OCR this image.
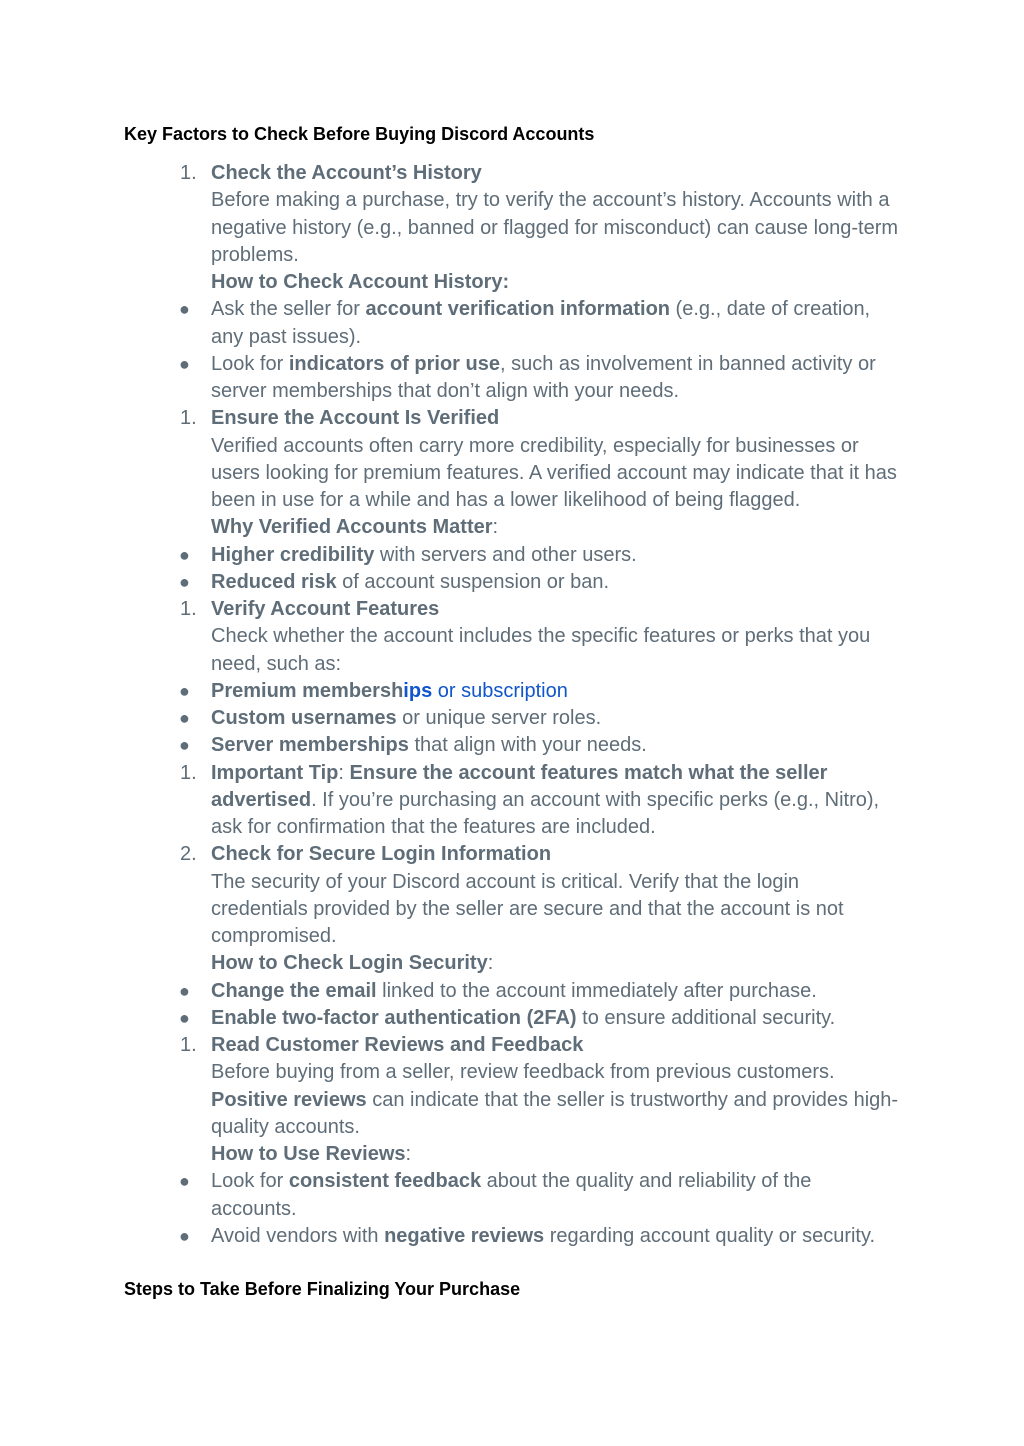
Key Factors to Check Before Buying Discord Accounts
1. Check the Account’s History
Before making a purchase, try to verify the account’s history. Accounts with a negative history (e.g., banned or flagged for misconduct) can cause long-term problems.
How to Check Account History:
● Ask the seller for account verification information (e.g., date of creation, any past issues).
● Look for indicators of prior use, such as involvement in banned activity or server memberships that don’t align with your needs.
1. Ensure the Account Is Verified
Verified accounts often carry more credibility, especially for businesses or users looking for premium features. A verified account may indicate that it has been in use for a while and has a lower likelihood of being flagged.
Why Verified Accounts Matter:
● Higher credibility with servers and other users.
● Reduced risk of account suspension or ban.
1. Verify Account Features
Check whether the account includes the specific features or perks that you need, such as:
● Premium memberships or subscription
● Custom usernames or unique server roles.
● Server memberships that align with your needs.
1. Important Tip: Ensure the account features match what the seller advertised. If you’re purchasing an account with specific perks (e.g., Nitro), ask for confirmation that the features are included.
2. Check for Secure Login Information
The security of your Discord account is critical. Verify that the login credentials provided by the seller are secure and that the account is not compromised.
How to Check Login Security:
● Change the email linked to the account immediately after purchase.
● Enable two-factor authentication (2FA) to ensure additional security.
1. Read Customer Reviews and Feedback
Before buying from a seller, review feedback from previous customers.
Positive reviews can indicate that the seller is trustworthy and provides high-quality accounts.
How to Use Reviews:
● Look for consistent feedback about the quality and reliability of the accounts.
● Avoid vendors with negative reviews regarding account quality or security.
Steps to Take Before Finalizing Your Purchase
